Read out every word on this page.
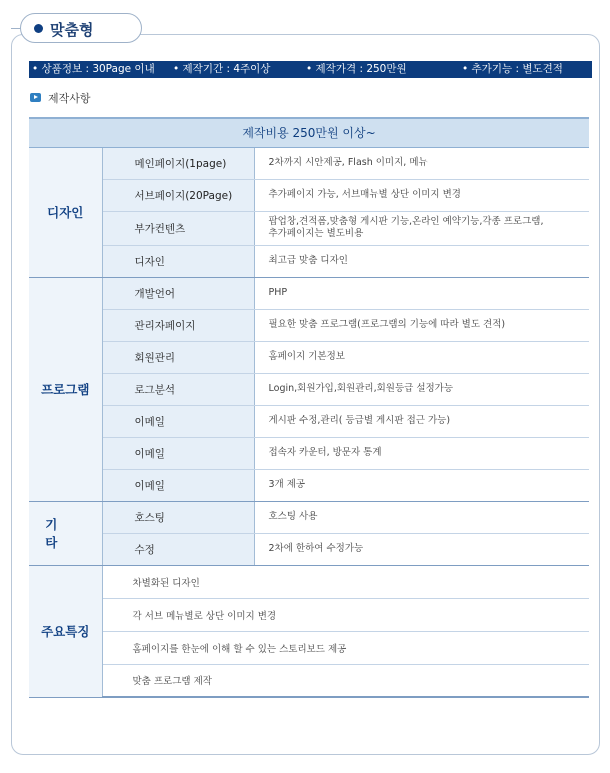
맞춤형
• 상품정보 : 30Page 이내 • 제작기간 : 4주이상	• 제작가격 : 250만원	• 추가기능 : 별도견적
제작사항
제작비용 250만원 이상~		
디자인	메인페이지(1page)	2차까지 시안제공, Flash 이미지, 메뉴
	서브페이지(20Page)	추가페이지 가능, 서브매뉴별 상단 이미지 변경
	부가컨텐츠	팝업창,견적폼,맞춤형 게시판 기능,온라인 예약기능,각종 프로그램,
추가페이지는 별도비용

	디자인	최고급 맞춤 디자인
프로그램	개발언어	PHP
	관리자페이지	필요한 맞춤 프로그램(프로그램의 기능에 따라 별도 견적)
	회원관리	홈페이지 기본정보
	로그분석	Login,회원가입,회원관리,회원등급 설정가능
	이메일	게시판 수정,관리( 등급별 게시판 접근 가능)
	이메일	접속자 카운터, 방문자 통계
	이메일	3개 제공
기 타	호스팅	호스팅 사용
	수정	2차에 한하여 수정가능
주요특징	차별화된 디자인	
	각 서브 메뉴별로 상단 이미지 변경	
	홈페이지를 한눈에 이해 할 수 있는 스토리보드 제공	
	맞춤 프로그램 제작	
